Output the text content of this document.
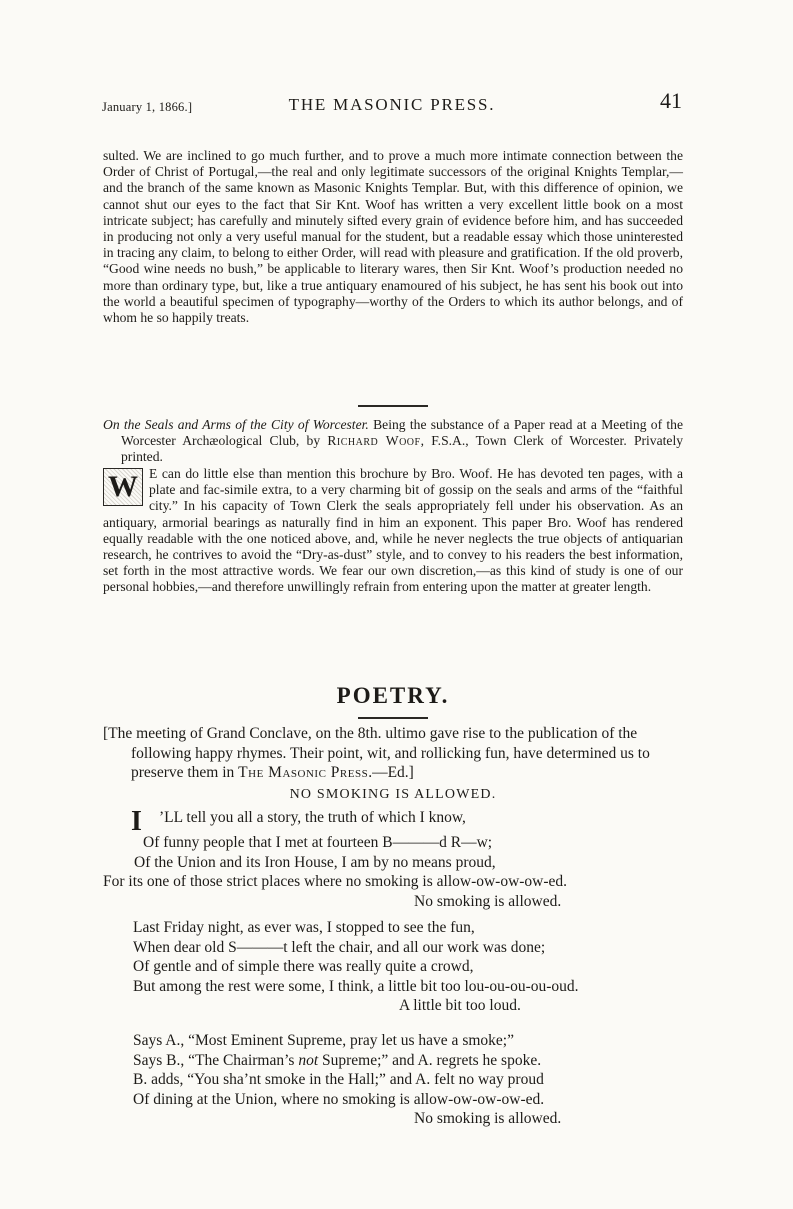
January 1, 1866.]	THE MASONIC PRESS.	41
sulted. We are inclined to go much further, and to prove a much more intimate connection between the Order of Christ of Portugal,—the real and only legitimate successors of the original Knights Templar,—and the branch of the same known as Masonic Knights Templar. But, with this difference of opinion, we cannot shut our eyes to the fact that Sir Knt. Woof has written a very excellent little book on a most intricate subject; has carefully and minutely sifted every grain of evidence before him, and has succeeded in producing not only a very useful manual for the student, but a readable essay which those uninterested in tracing any claim, to belong to either Order, will read with pleasure and gratification. If the old proverb, “Good wine needs no bush,” be applicable to literary wares, then Sir Knt. Woof’s production needed no more than ordinary type, but, like a true antiquary enamoured of his subject, he has sent his book out into the world a beautiful specimen of typography—worthy of the Orders to which its author belongs, and of whom he so happily treats.
On the Seals and Arms of the City of Worcester. Being the substance of a Paper read at a Meeting of the Worcester Archæological Club, by Richard Woof, F.S.A., Town Clerk of Worcester. Privately printed.
W E can do little else than mention this brochure by Bro. Woof. He has devoted ten pages, with a plate and fac-simile extra, to a very charming bit of gossip on the seals and arms of the “faithful city.” In his capacity of Town Clerk the seals appropriately fell under his observation. As an antiquary, armorial bearings as naturally find in him an exponent. This paper Bro. Woof has rendered equally readable with the one noticed above, and, while he never neglects the true objects of antiquarian research, he contrives to avoid the “Dry-as-dust” style, and to convey to his readers the best information, set forth in the most attractive words. We fear our own discretion,—as this kind of study is one of our personal hobbies,—and therefore unwillingly refrain from entering upon the matter at greater length.
POETRY.
[The meeting of Grand Conclave, on the 8th. ultimo gave rise to the publication of the following happy rhymes. Their point, wit, and rollicking fun, have determined us to preserve them in The Masonic Press.—Ed.]
NO SMOKING IS ALLOWED.
I ’LL tell you all a story, the truth of which I know,
Of funny people that I met at fourteen B———d R—w;
Of the Union and its Iron House, I am by no means proud,
For its one of those strict places where no smoking is allow-ow-ow-ow-ed.
No smoking is allowed.
Last Friday night, as ever was, I stopped to see the fun,
When dear old S———t left the chair, and all our work was done;
Of gentle and of simple there was really quite a crowd,
But among the rest were some, I think, a little bit too lou-ou-ou-ou-oud.
A little bit too loud.
Says A., “Most Eminent Supreme, pray let us have a smoke;”
Says B., “The Chairman’s not Supreme;” and A. regrets he spoke.
B. adds, “You sha’nt smoke in the Hall;” and A. felt no way proud
Of dining at the Union, where no smoking is allow-ow-ow-ow-ed.
No smoking is allowed.
